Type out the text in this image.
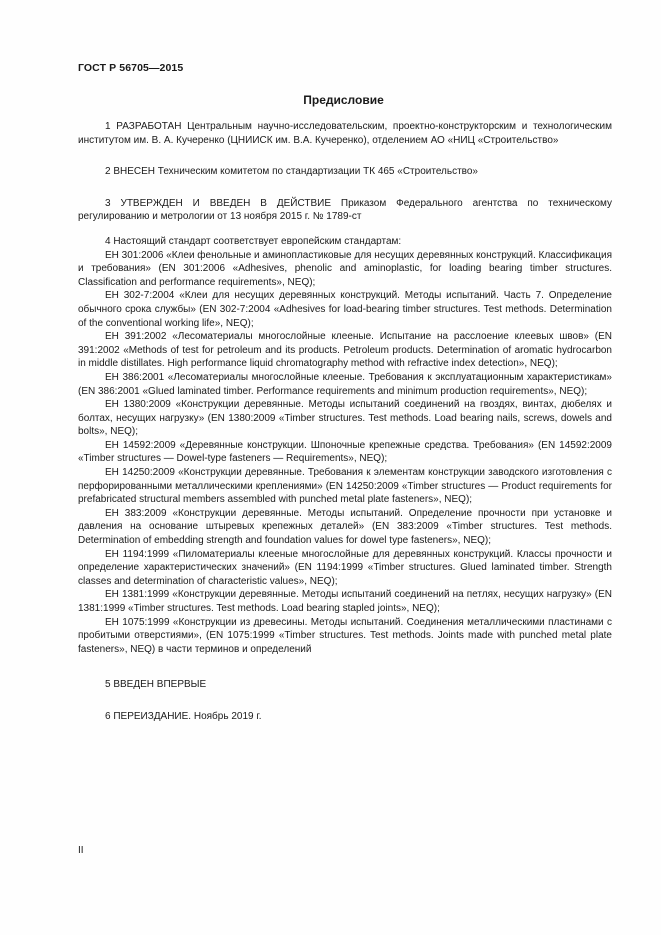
ГОСТ Р 56705—2015
Предисловие

1 РАЗРАБОТАН Центральным научно-исследовательским, проектно-конструкторским и технологическим институтом им. В. А. Кучеренко (ЦНИИСК им. В.А. Кучеренко), отделением АО «НИЦ «Строительство»

2 ВНЕСЕН Техническим комитетом по стандартизации ТК 465 «Строительство»

3 УТВЕРЖДЕН И ВВЕДЕН В ДЕЙСТВИЕ Приказом Федерального агентства по техническому регулированию и метрологии от 13 ноября 2015 г. № 1789-ст

4 Настоящий стандарт соответствует европейским стандартам:

ЕН 301:2006 «Клеи фенольные и аминопластиковые для несущих деревянных конструкций. Классификация и требования» (EN 301:2006 «Adhesives, phenolic and aminoplastic, for loading bearing timber structures. Classification and performance requirements», NEQ);

ЕН 302-7:2004 «Клеи для несущих деревянных конструкций. Методы испытаний. Часть 7. Определение обычного срока службы» (EN 302-7:2004 «Adhesives for load-bearing timber structures. Test methods. Determination of the conventional working life», NEQ);

ЕН 391:2002 «Лесоматериалы многослойные клееные. Испытание на расслоение клеевых швов» (EN 391:2002 «Methods of test for petroleum and its products. Petroleum products. Determination of aromatic hydrocarbon in middle distillates. High performance liquid chromatography method with refractive index detection», NEQ);

ЕН 386:2001 «Лесоматериалы многослойные клееные. Требования к эксплуатационным характеристикам» (EN 386:2001 «Glued laminated timber. Performance requirements and minimum production requirements», NEQ);

ЕН 1380:2009 «Конструкции деревянные. Методы испытаний соединений на гвоздях, винтах, дюбелях и болтах, несущих нагрузку» (EN 1380:2009 «Timber structures. Test methods. Load bearing nails, screws, dowels and bolts», NEQ);

ЕН 14592:2009 «Деревянные конструкции. Шпоночные крепежные средства. Требования» (EN 14592:2009 «Timber structures — Dowel-type fasteners — Requirements», NEQ);

ЕН 14250:2009 «Конструкции деревянные. Требования к элементам конструкции заводского изготовления с перфорированными металлическими креплениями» (EN 14250:2009 «Timber structures — Product requirements for prefabricated structural members assembled with punched metal plate fasteners», NEQ);

ЕН 383:2009 «Конструкции деревянные. Методы испытаний. Определение прочности при установке и давления на основание штыревых крепежных деталей» (EN 383:2009 «Timber structures. Test methods. Determination of embedding strength and foundation values for dowel type fasteners», NEQ);

ЕН 1194:1999 «Пиломатериалы клееные многослойные для деревянных конструкций. Классы прочности и определение характеристических значений» (EN 1194:1999 «Timber structures. Glued laminated timber. Strength classes and determination of characteristic values», NEQ);

ЕН 1381:1999 «Конструкции деревянные. Методы испытаний соединений на петлях, несущих нагрузку» (EN 1381:1999 «Timber structures. Test methods. Load bearing stapled joints», NEQ);

ЕН 1075:1999 «Конструкции из древесины. Методы испытаний. Соединения металлическими пластинами с пробитыми отверстиями», (EN 1075:1999 «Timber structures. Test methods. Joints made with punched metal plate fasteners», NEQ) в части терминов и определений

5 ВВЕДЕН ВПЕРВЫЕ

6 ПЕРЕИЗДАНИЕ. Ноябрь 2019 г.

II
